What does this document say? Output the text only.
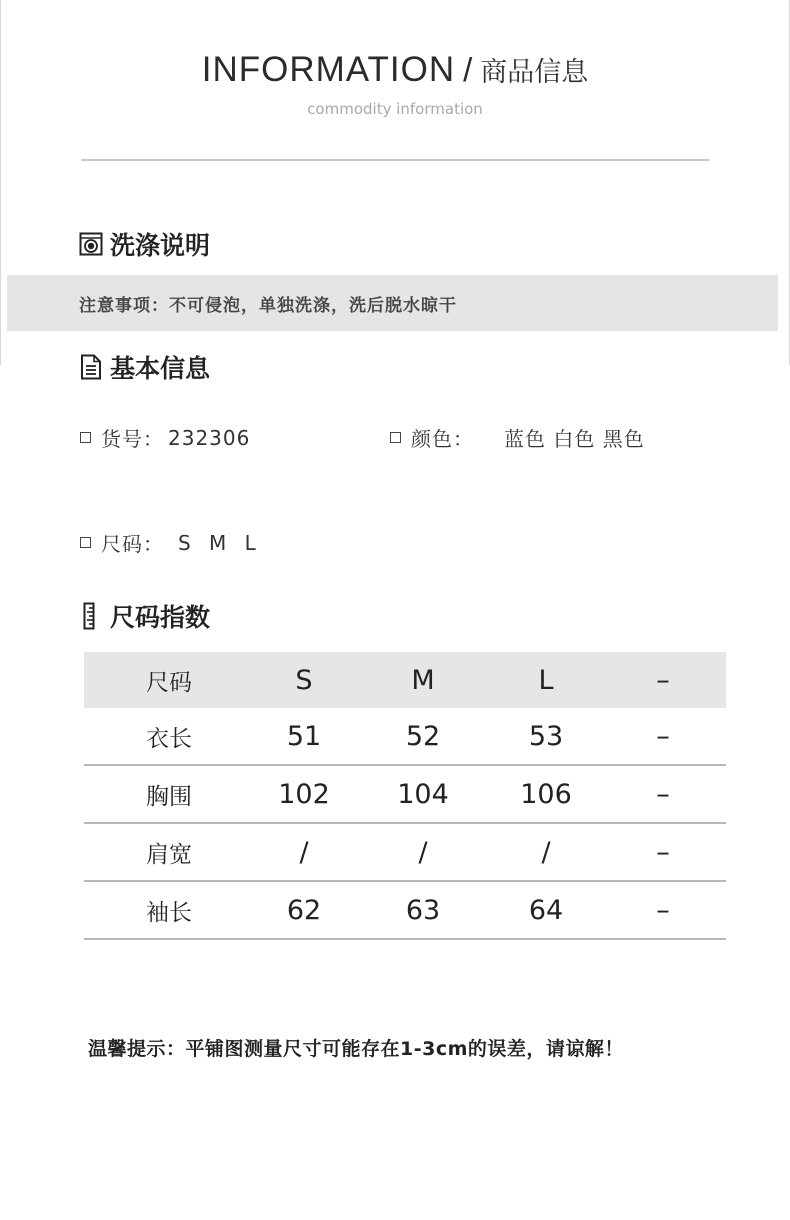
INFORMATION / 商品信息
commodity information
洗涤说明
注意事项：不可侵泡，单独洗涤，洗后脱水晾干
基本信息
货号： 232306	颜色： 蓝色 白色 黑色
尺码： S M L
尺码指数
尺码	S	M	L	–
衣长	51	52	53	–
胸围	102	104	106	–
肩宽	/	/	/	–
袖长	62	63	64	–
温馨提示：平铺图测量尺寸可能存在1-3cm的误差，请谅解！
